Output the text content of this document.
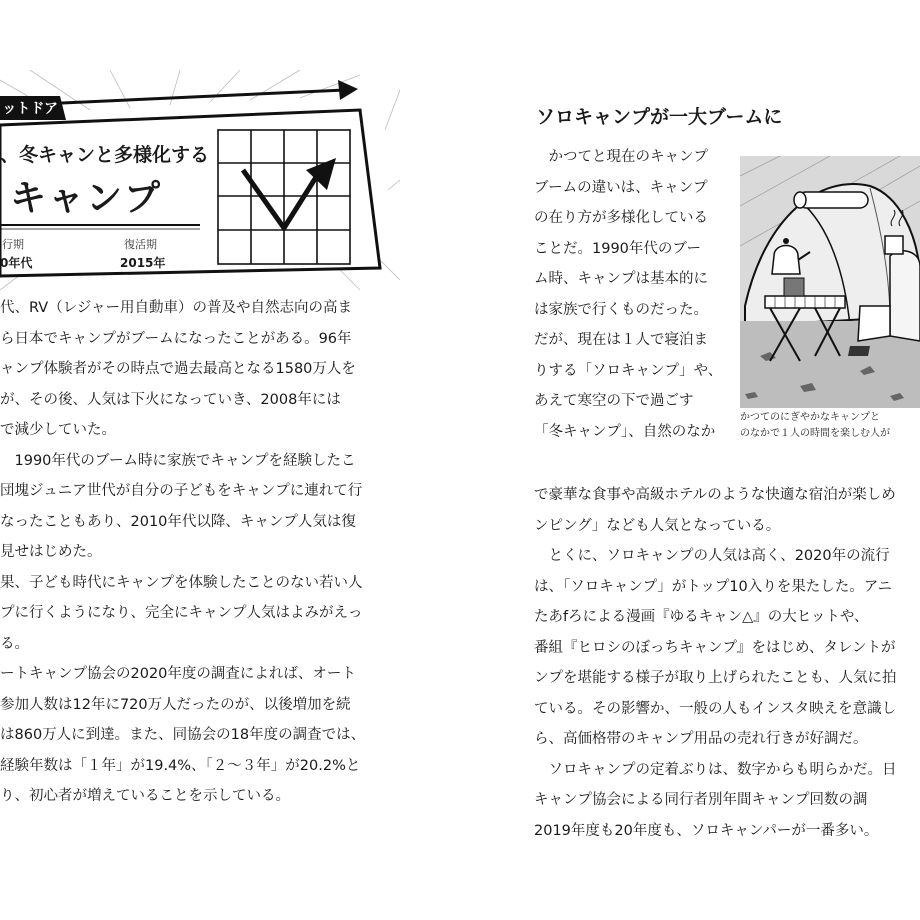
ットドア
、冬キャンと多様化する
キャンプ
行期
0年代
復活期
2015年
代、RV（レジャー用自動車）の普及や自然志向の高ま
ら日本でキャンプがブームになったことがある。96年
ャンプ体験者がその時点で過去最高となる1580万人を
が、その後、人気は下火になっていき、2008年には
で減少していた。
　1990年代のブーム時に家族でキャンプを経験したこ
団塊ジュニア世代が自分の子どもをキャンプに連れて行
なったこともあり、2010年代以降、キャンプ人気は復
見せはじめた。
果、子ども時代にキャンプを体験したことのない若い人
プに行くようになり、完全にキャンプ人気はよみがえっ
る。
ートキャンプ協会の2020年度の調査によれば、オート
参加人数は12年に720万人だったのが、以後増加を続
は860万人に到達。また、同協会の18年度の調査では、
経験年数は「１年」が19.4%、「２〜３年」が20.2%と
り、初心者が増えていることを示している。
ソロキャンプが一大ブームに
　かつてと現在のキャンプ
ブームの違いは、キャンプ
の在り方が多様化している
ことだ。1990年代のブー
ム時、キャンプは基本的に
は家族で行くものだった。
だが、現在は１人で寝泊ま
りする「ソロキャンプ」や、
あえて寒空の下で過ごす
「冬キャンプ」、自然のなか
かつてのにぎやかなキャンプと
のなかで１人の時間を楽しむ人が
で豪華な食事や高級ホテルのような快適な宿泊が楽しめ
ンピング」なども人気となっている。
　とくに、ソロキャンプの人気は高く、2020年の流行
は、「ソロキャンプ」がトップ10入りを果たした。アニ
たあfろによる漫画『ゆるキャン△』の大ヒットや、
番組『ヒロシのぼっちキャンプ』をはじめ、タレントが
ンプを堪能する様子が取り上げられたことも、人気に拍
ている。その影響か、一般の人もインスタ映えを意識し
ら、高価格帯のキャンプ用品の売れ行きが好調だ。
　ソロキャンプの定着ぶりは、数字からも明らかだ。日
キャンプ協会による同行者別年間キャンプ回数の調
2019年度も20年度も、ソロキャンパーが一番多い。
